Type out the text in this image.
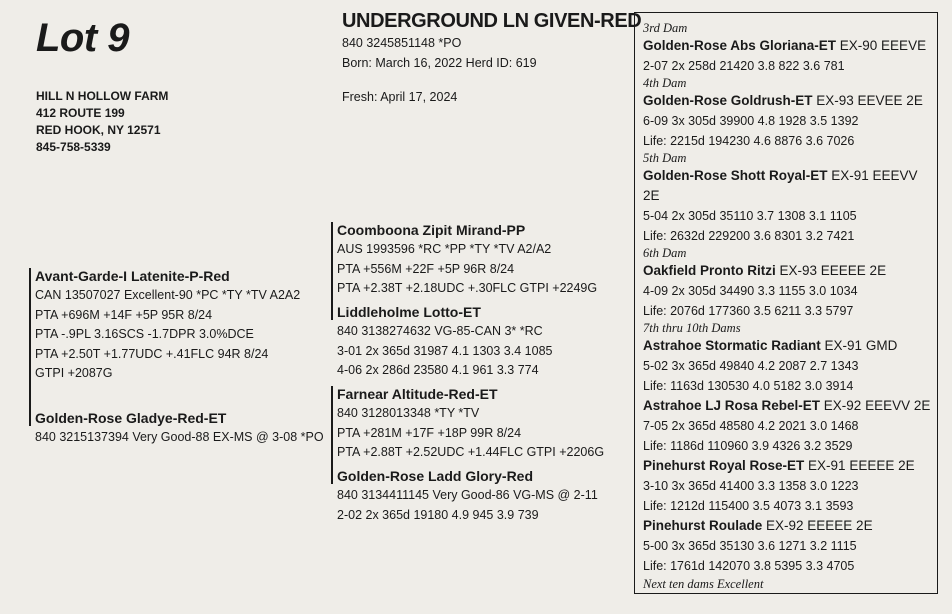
Lot 9
HILL N HOLLOW FARM
412 ROUTE 199
RED HOOK, NY 12571
845-758-5339
UNDERGROUND LN GIVEN-RED
840 3245851148 *PO
Born: March 16, 2022 Herd ID: 619
Fresh: April 17, 2024
Avant-Garde-I Latenite-P-Red
CAN 13507027 Excellent-90 *PC *TY *TV A2A2
PTA +696M +14F +5P 95R 8/24
PTA -.9PL 3.16SCS -1.7DPR 3.0%DCE
PTA +2.50T +1.77UDC +.41FLC 94R 8/24
GTPI +2087G
Golden-Rose Gladye-Red-ET
840 3215137394 Very Good-88 EX-MS @ 3-08 *PO
Coomboona Zipit Mirand-PP
AUS 1993596 *RC *PP *TY *TV A2/A2
PTA +556M +22F +5P 96R 8/24
PTA +2.38T +2.18UDC +.30FLC GTPI +2249G
Liddleholme Lotto-ET
840 3138274632 VG-85-CAN 3* *RC
3-01 2x 365d 31987 4.1 1303 3.4 1085
4-06 2x 286d 23580 4.1 961 3.3 774
Farnear Altitude-Red-ET
840 3128013348 *TY *TV
PTA +281M +17F +18P 99R 8/24
PTA +2.88T +2.52UDC +1.44FLC GTPI +2206G
Golden-Rose Ladd Glory-Red
840 3134411145 Very Good-86 VG-MS @ 2-11
2-02 2x 365d 19180 4.9 945 3.9 739
3rd Dam
Golden-Rose Abs Gloriana-ET EX-90 EEEVE
2-07 2x 258d 21420 3.8 822 3.6 781
4th Dam
Golden-Rose Goldrush-ET EX-93 EEVEE 2E
6-09 3x 305d 39900 4.8 1928 3.5 1392
Life: 2215d 194230 4.6 8876 3.6 7026
5th Dam
Golden-Rose Shott Royal-ET EX-91 EEEVV 2E
5-04 2x 305d 35110 3.7 1308 3.1 1105
Life: 2632d 229200 3.6 8301 3.2 7421
6th Dam
Oakfield Pronto Ritzi EX-93 EEEEE 2E
4-09 2x 305d 34490 3.3 1155 3.0 1034
Life: 2076d 177360 3.5 6211 3.3 5797
7th thru 10th Dams
Astrahoe Stormatic Radiant EX-91 GMD
5-02 3x 365d 49840 4.2 2087 2.7 1343
Life: 1163d 130530 4.0 5182 3.0 3914
Astrahoe LJ Rosa Rebel-ET EX-92 EEEVV 2E
7-05 2x 365d 48580 4.2 2021 3.0 1468
Life: 1186d 110960 3.9 4326 3.2 3529
Pinehurst Royal Rose-ET EX-91 EEEEE 2E
3-10 3x 365d 41400 3.3 1358 3.0 1223
Life: 1212d 115400 3.5 4073 3.1 3593
Pinehurst Roulade EX-92 EEEEE 2E
5-00 3x 365d 35130 3.6 1271 3.2 1115
Life: 1761d 142070 3.8 5395 3.3 4705
Next ten dams Excellent
